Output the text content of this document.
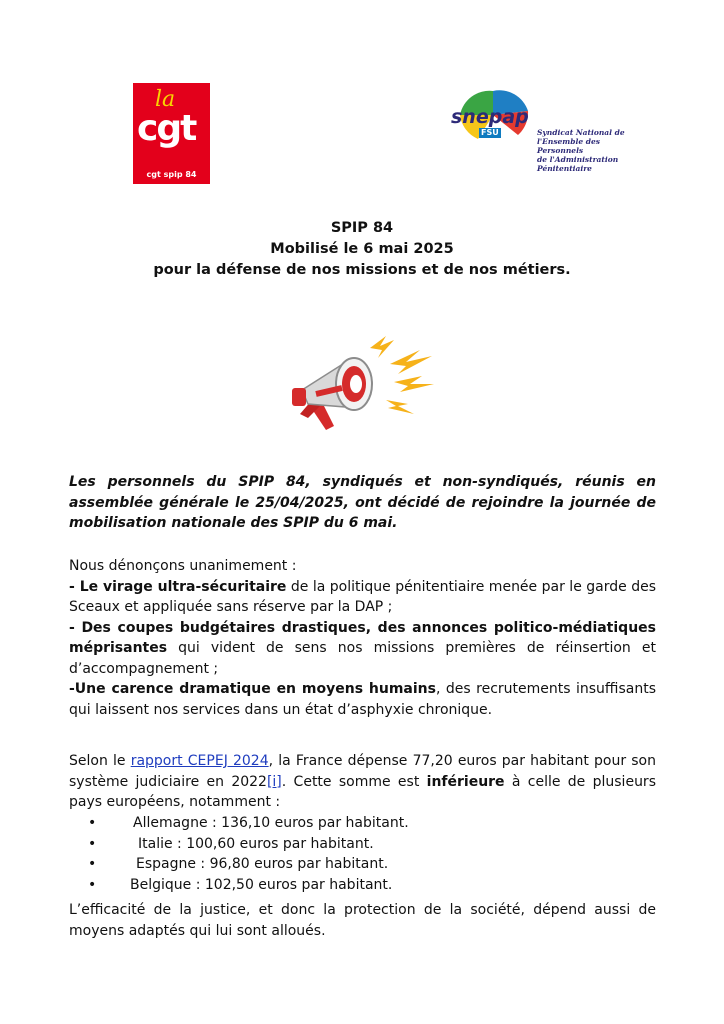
la
cgt
cgt spip 84
snepap
FSU	Syndicat National de
l'Ensemble des Personnels
de l'Administration Pénitentiaire
SPIP 84
Mobilisé le 6 mai 2025
pour la défense de nos missions et de nos métiers.

Les personnels du SPIP 84, syndiqués et non-syndiqués, réunis en assemblée générale le 25/04/2025, ont décidé de rejoindre la journée de mobilisation nationale des SPIP du 6 mai.

Nous dénonçons unanimement :

- Le virage ultra-sécuritaire de la politique pénitentiaire menée par le garde des Sceaux et appliquée sans réserve par la DAP ;

- Des coupes budgétaires drastiques, des annonces politico-médiatiques méprisantes qui vident de sens nos missions premières de réinsertion et d’accompagnement ;

-Une carence dramatique en moyens humains, des recrutements insuffisants qui laissent nos services dans un état d’asphyxie chronique.

Selon le rapport CEPEJ 2024, la France dépense 77,20 euros par habitant pour son système judiciaire en 2022[i]. Cette somme est inférieure à celle de plusieurs pays européens, notamment :

•	Allemagne : 136,10 euros par habitant.
•	Italie : 100,60 euros par habitant.
•	Espagne : 96,80 euros par habitant.
• Belgique : 102,50 euros par habitant.

L’efficacité de la justice, et donc la protection de la société, dépend aussi de moyens adaptés qui lui sont alloués.
